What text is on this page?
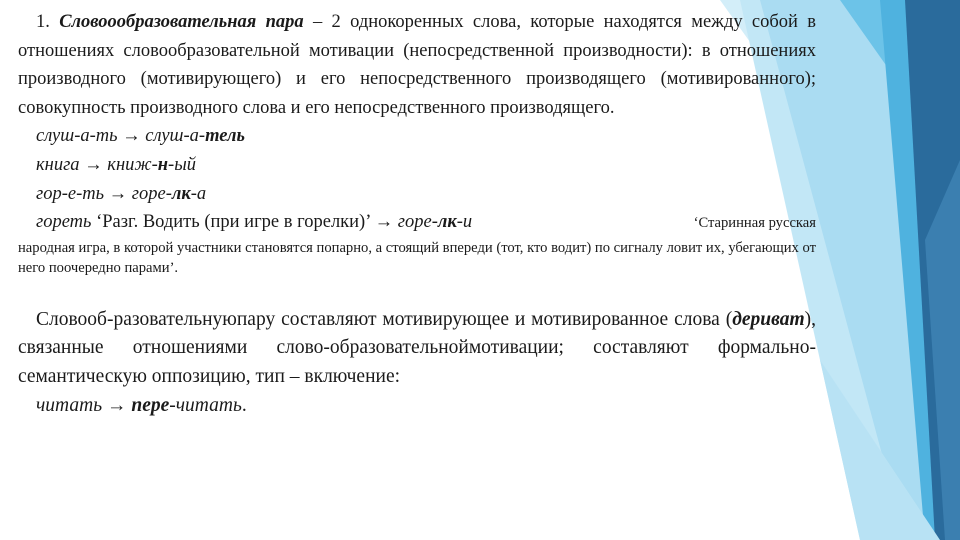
1. Словоообразовательная пара – 2 однокоренных слова, которые находятся между собой в отношениях словообразовательной мотивации (непосредственной производности): в отношениях производного (мотивирующего) и его непосредственного производящего (мотивированного); совокупность производного слова и его непосредственного производящего.

слуш-а-ть → слуш-а-тель
книга → книж-н-ый
гор-е-ть → горе-лк-а
гореть ‘Разг. Водить (при игре в горелки)’ → горе-лк-и	‘Старинная русская

народная игра, в которой участники становятся попарно, а стоящий впереди (тот, кто водит) по сигналу ловит их, убегающих от него поочередно парами’.

Словооб-разовательнуюпару составляют мотивирующее и мотивированное слова (дериват), связанные отношениями слово-образовательноймотивации; составляют формально-семантическую оппозицию, тип – включение:

читать → пере-читать.
